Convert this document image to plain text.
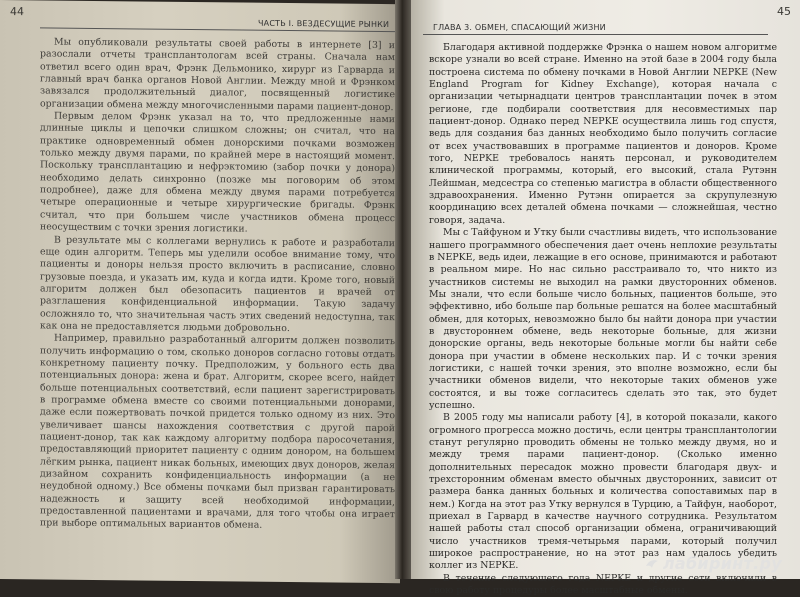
44
ЧАСТЬ I. ВЕЗДЕСУЩИЕ РЫНКИ

Мы опубликовали результаты своей работы в интернете [3] и разослали отчеты трансплантологам всей страны. Сначала нам ответил всего один врач, Фрэнк Дельмонико, хирург из Гарварда и главный врач банка органов Новой Англии. Между мной и Фрэнком завязался продолжительный диалог, посвященный логистике организации обмена между многочисленными парами пациент-донор.

Первым делом Фрэнк указал на то, что предложенные нами длинные циклы и цепочки слишком сложны; он считал, что на практике одновременный обмен донорскими почками возможен только между двумя парами, по крайней мере в настоящий момент. Поскольку трансплантацию и нефрэктомию (забор почки у донора) необходимо делать синхронно (позже мы поговорим об этом подробнее), даже для обмена между двумя парами потребуется четыре операционные и четыре хирургические бригады. Фрэнк считал, что при большем числе участников обмена процесс неосуществим с точки зрения логистики.

В результате мы с коллегами вернулись к работе и разработали еще один алгоритм. Теперь мы уделили особое внимание тому, что пациенты и доноры нельзя просто включить в расписание, словно грузовые поезда, и указать им, куда и когда идти. Кроме того, новый алгоритм должен был обезопасить пациентов и врачей от разглашения конфиденциальной информации. Такую задачу осложняло то, что значительная часть этих сведений недоступна, так как она не предоставляется людьми добровольно.

Например, правильно разработанный алгоритм должен позволить получить информацию о том, сколько доноров согласно готовы отдать конкретному пациенту почку. Предположим, у больного есть два потенциальных донора: жена и брат. Алгоритм, скорее всего, найдет больше потенциальных соответствий, если пациент зарегистрировать в программе обмена вместе со своими потенциальными донорами, даже если пожертвовать почкой придется только одному из них. Это увеличивает шансы нахождения соответствия с другой парой пациент-донор, так как каждому алгоритму подбора паросочетания, предоставляющий приоритет пациенту с одним донором, на большем лёгким рынка, пациент никак больных, имеющих двух доноров, желая дизайном сохранить конфиденциальность информации (а не неудобной одному.) Все обмены почками был призван гарантировать надежность и защиту всей необходимой информации, предоставленной пациентами и врачами, для того чтобы она играет при выборе оптимальных вариантов обмена.

45
ГЛАВА 3. ОБМЕН, СПАСАЮЩИЙ ЖИЗНИ

Благодаря активной поддержке Фрэнка о нашем новом алгоритме вскоре узнали во всей стране. Именно на этой базе в 2004 году была построена система по обмену почками в Новой Англии NEPKE (New England Program for Kidney Exchange), которая начала с организации четырнадцати центров трансплантации почек в этом регионе, где подбирали соответствия для несовместимых пар пациент-донор. Однако перед NEPKE осуществила лишь год спустя, ведь для создания баз данных необходимо было получить согласие от всех участвовавших в программе пациентов и доноров. Кроме того, NEPKE требовалось нанять персонал, и руководителем клинической программы, который, его высокий, стала Рутэнн Лейшман, медсестра со степенью магистра в области общественного здравоохранения. Именно Рутэнн опирается за скрупулезную координацию всех деталей обмена почками — сложнейшая, честно говоря, задача.

Мы с Тайфуном и Утку были счастливы видеть, что использование нашего программного обеспечения дает очень неплохие результаты в NEPKE, ведь идеи, лежащие в его основе, принимаются и работают в реальном мире. Но нас сильно расстраивало то, что никто из участников системы не выходил на рамки двусторонних обменов. Мы знали, что если больше число больных, пациентов больше, это эффективно, ибо больше пар больные решатся на более масштабный обмен, для которых, невозможно было бы найти донора при участии в двустороннем обмене, ведь некоторые больные, для жизни донорские органы, ведь некоторые больные могли бы найти себе донора при участии в обмене нескольких пар. И с точки зрения логистики, с нашей точки зрения, это вполне возможно, если бы участники обменов видели, что некоторые таких обменов уже состоятся, и вы тоже согласитесь сделать это так, это будет успешно.

В 2005 году мы написали работу [4], в которой показали, какого огромного прогресса можно достичь, если центры трансплантологии станут регулярно проводить обмены не только между двумя, но и между тремя парами пациент-донор. (Сколько именно дополнительных пересадок можно провести благодаря двух- и трехсторонним обменам вместо обычных двусторонних, зависит от размера банка данных больных и количества сопоставимых пар в нем.) Когда на этот раз Утку вернулся в Турцию, а Тайфун, наоборот, приехал в Гарвард в качестве научного сотрудника. Результатом нашей работы стал способ организации обмена, ограничивающий число участников тремя-четырьмя парами, который получил широкое распространение, но на этот раз нам удалось убедить коллег из NEPKE.

В течение следующего года NEPKE и другие сети включили в свою работу процедуры более масштабные обмены.

лабиринт.ру
